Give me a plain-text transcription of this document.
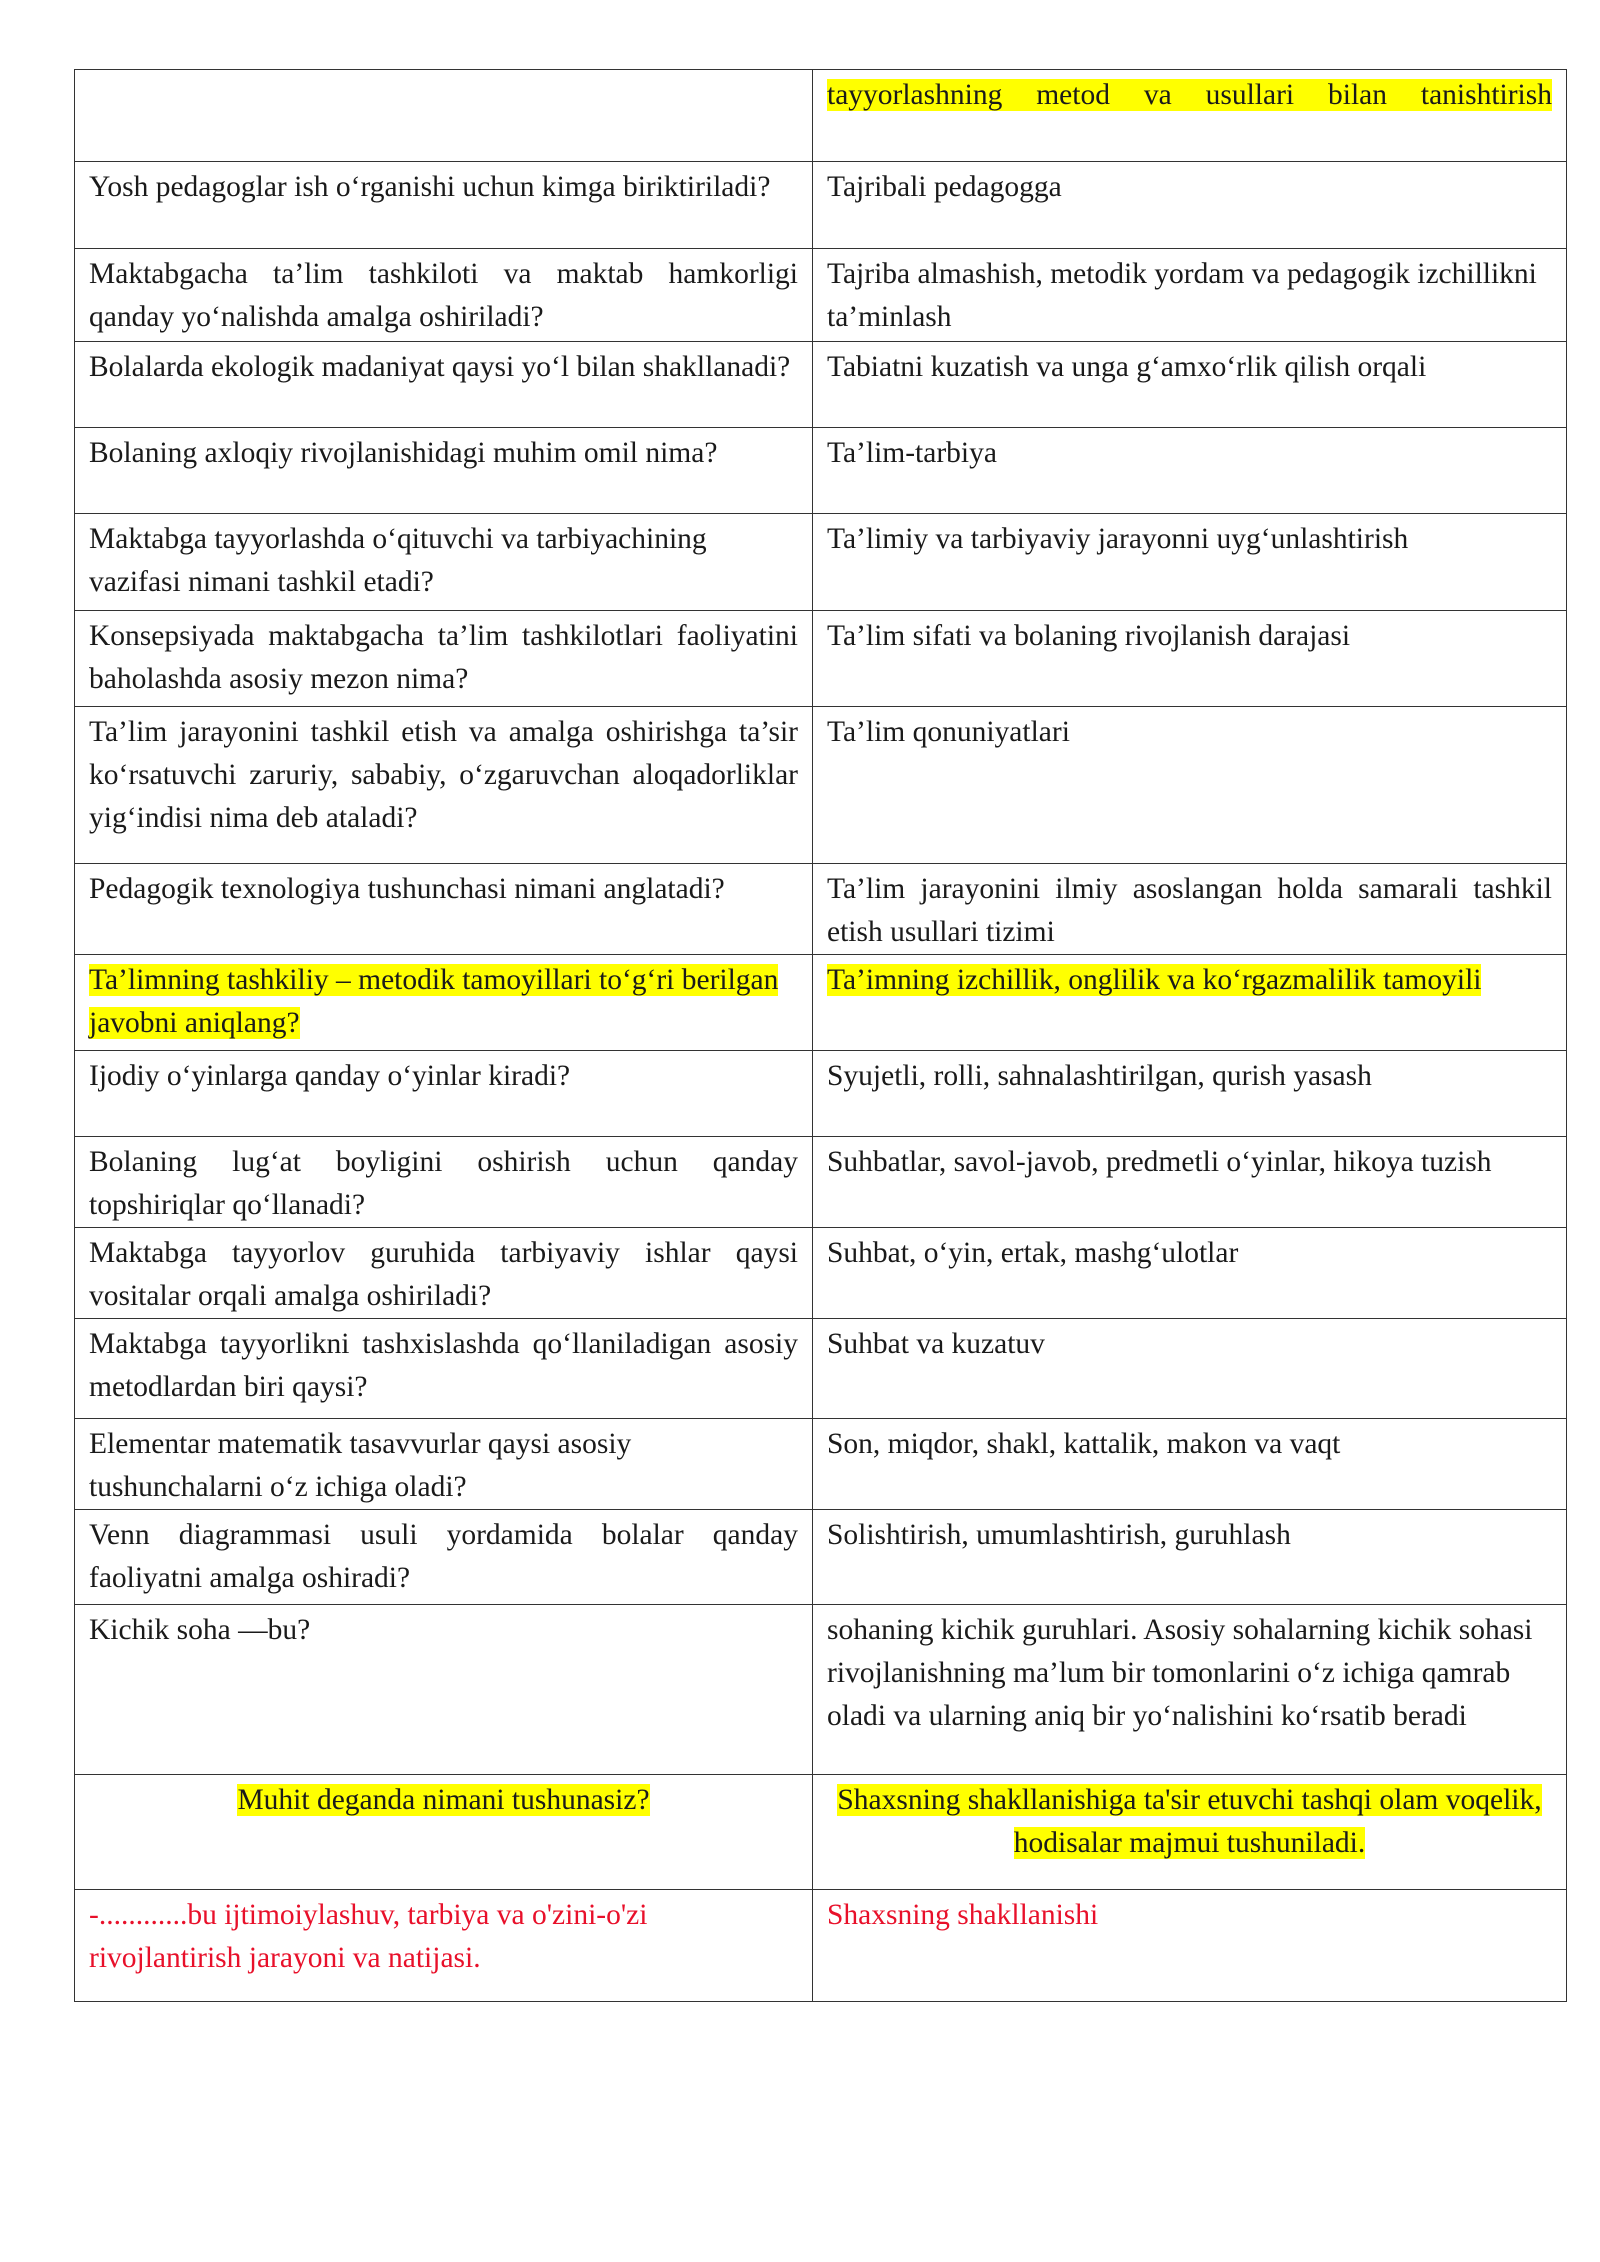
	tayyorlashning metod va usullari bilan tanishtirish
Yosh pedagoglar ish o‘rganishi uchun kimga biriktiriladi?	Tajribali pedagogga
Maktabgacha ta’lim tashkiloti va maktab hamkorligi qanday yo‘nalishda amalga oshiriladi?	Tajriba almashish, metodik yordam va pedagogik izchillikni ta’minlash
Bolalarda ekologik madaniyat qaysi yo‘l bilan shakllanadi?	Tabiatni kuzatish va unga g‘amxo‘rlik qilish orqali
Bolaning axloqiy rivojlanishidagi muhim omil nima?	Ta’lim-tarbiya
Maktabga tayyorlashda o‘qituvchi va tarbiyachining vazifasi nimani tashkil etadi?	Ta’limiy va tarbiyaviy jarayonni uyg‘unlashtirish
Konsepsiyada maktabgacha ta’lim tashkilotlari faoliyatini baholashda asosiy mezon nima?	Ta’lim sifati va bolaning rivojlanish darajasi
Ta’lim jarayonini tashkil etish va amalga oshirishga ta’sir ko‘rsatuvchi zaruriy, sababiy, o‘zgaruvchan aloqadorliklar yig‘indisi nima deb ataladi?	Ta’lim qonuniyatlari
Pedagogik texnologiya tushunchasi nimani anglatadi?	Ta’lim jarayonini ilmiy asoslangan holda samarali tashkil etish usullari tizimi
Ta’limning tashkiliy – metodik tamoyillari to‘g‘ri berilgan javobni aniqlang?	Ta’imning izchillik, onglilik va ko‘rgazmalilik tamoyili
Ijodiy o‘yinlarga qanday o‘yinlar kiradi?	Syujetli, rolli, sahnalashtirilgan, qurish yasash
Bolaning lug‘at boyligini oshirish uchun qanday topshiriqlar qo‘llanadi?	Suhbatlar, savol-javob, predmetli o‘yinlar, hikoya tuzish
Maktabga tayyorlov guruhida tarbiyaviy ishlar qaysi vositalar orqali amalga oshiriladi?	Suhbat, o‘yin, ertak, mashg‘ulotlar
Maktabga tayyorlikni tashxislashda qo‘llaniladigan asosiy metodlardan biri qaysi?	Suhbat va kuzatuv
Elementar matematik tasavvurlar qaysi asosiy tushunchalarni o‘z ichiga oladi?	Son, miqdor, shakl, kattalik, makon va vaqt
Venn diagrammasi usuli yordamida bolalar qanday faoliyatni amalga oshiradi?	Solishtirish, umumlashtirish, guruhlash
Kichik soha —bu?	sohaning kichik guruhlari. Asosiy sohalarning kichik sohasi rivojlanishning ma’lum bir tomonlarini o‘z ichiga qamrab oladi va ularning aniq bir yo‘nalishini ko‘rsatib beradi
Muhit deganda nimani tushunasiz?	Shaxsning shakllanishiga ta'sir etuvchi tashqi olam voqelik, hodisalar majmui tushuniladi.
-............bu ijtimoiylashuv, tarbiya va o'zini-o'zi rivojlantirish jarayoni va natijasi.	Shaxsning shakllanishi
